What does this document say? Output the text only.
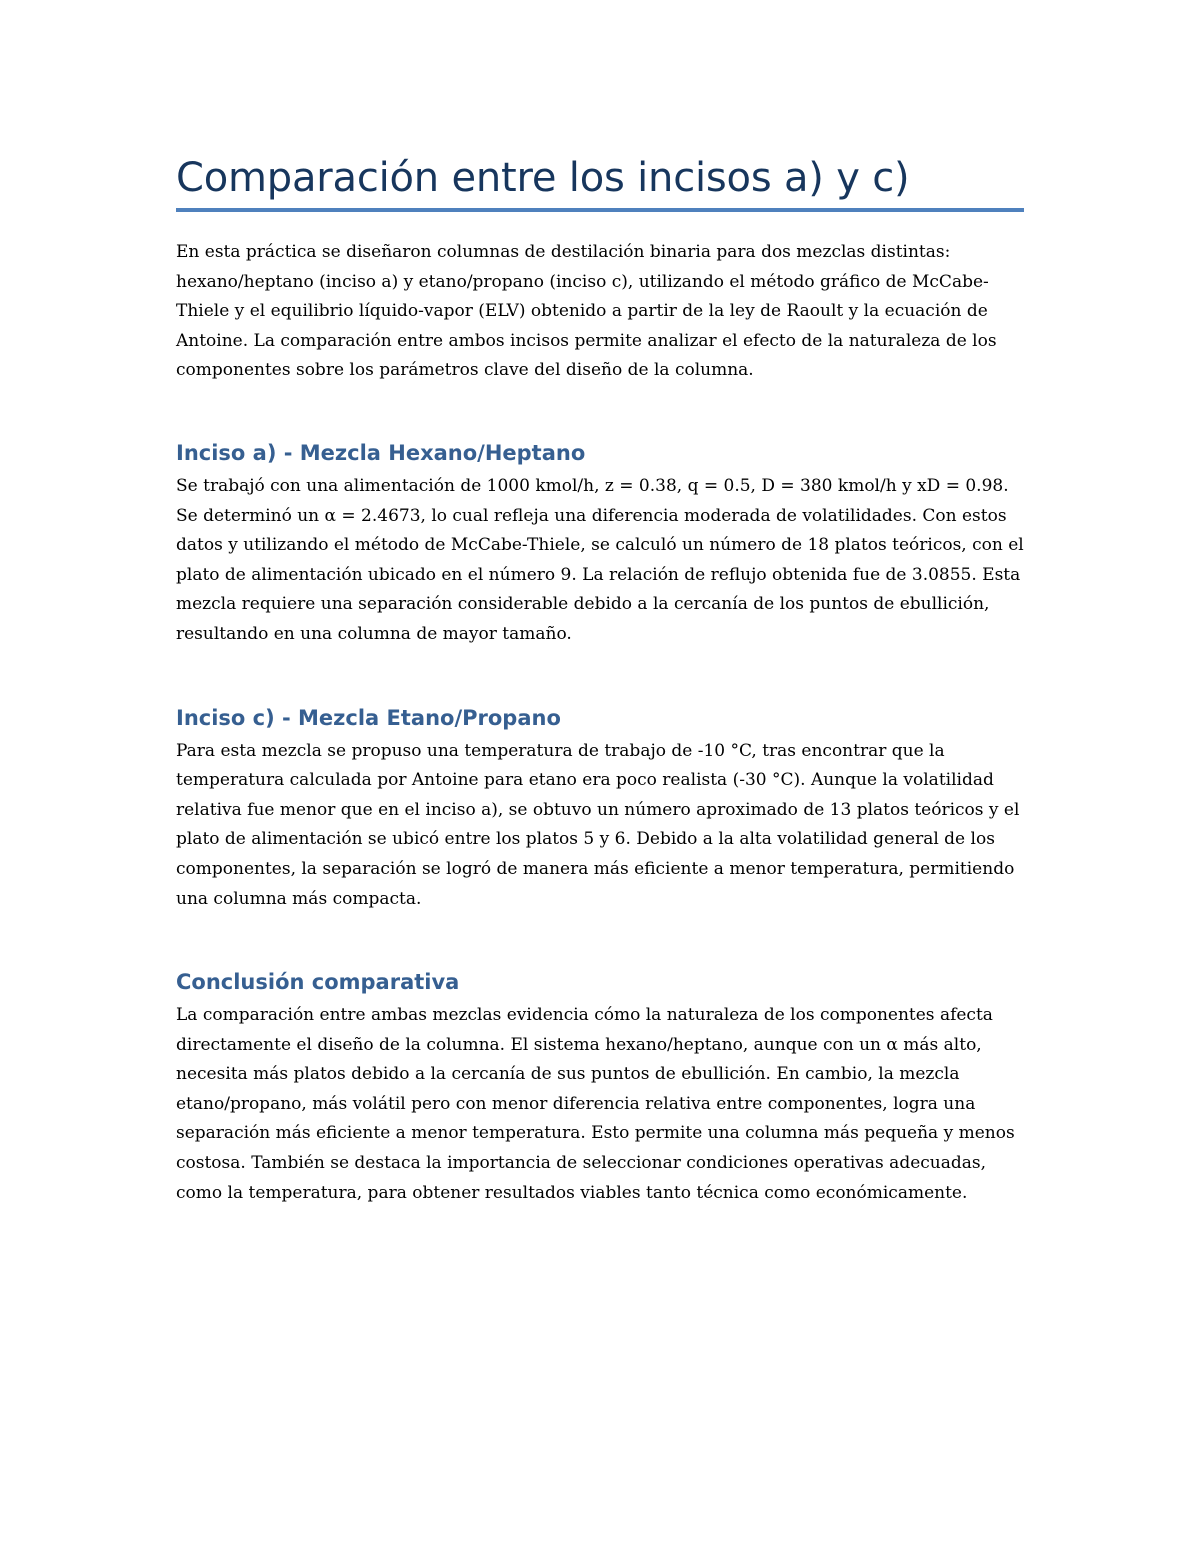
Comparación entre los incisos a) y c)

En esta práctica se diseñaron columnas de destilación binaria para dos mezclas distintas: hexano/heptano (inciso a) y etano/propano (inciso c), utilizando el método gráfico de McCabe-Thiele y el equilibrio líquido-vapor (ELV) obtenido a partir de la ley de Raoult y la ecuación de Antoine. La comparación entre ambos incisos permite analizar el efecto de la naturaleza de los componentes sobre los parámetros clave del diseño de la columna.

Inciso a) - Mezcla Hexano/Heptano

Se trabajó con una alimentación de 1000 kmol/h, z = 0.38, q = 0.5, D = 380 kmol/h y xD = 0.98. Se determinó un α = 2.4673, lo cual refleja una diferencia moderada de volatilidades. Con estos datos y utilizando el método de McCabe-Thiele, se calculó un número de 18 platos teóricos, con el plato de alimentación ubicado en el número 9. La relación de reflujo obtenida fue de 3.0855. Esta mezcla requiere una separación considerable debido a la cercanía de los puntos de ebullición, resultando en una columna de mayor tamaño.

Inciso c) - Mezcla Etano/Propano

Para esta mezcla se propuso una temperatura de trabajo de -10 °C, tras encontrar que la temperatura calculada por Antoine para etano era poco realista (-30 °C). Aunque la volatilidad relativa fue menor que en el inciso a), se obtuvo un número aproximado de 13 platos teóricos y el plato de alimentación se ubicó entre los platos 5 y 6. Debido a la alta volatilidad general de los componentes, la separación se logró de manera más eficiente a menor temperatura, permitiendo una columna más compacta.

Conclusión comparativa

La comparación entre ambas mezclas evidencia cómo la naturaleza de los componentes afecta directamente el diseño de la columna. El sistema hexano/heptano, aunque con un α más alto, necesita más platos debido a la cercanía de sus puntos de ebullición. En cambio, la mezcla etano/propano, más volátil pero con menor diferencia relativa entre componentes, logra una separación más eficiente a menor temperatura. Esto permite una columna más pequeña y menos costosa. También se destaca la importancia de seleccionar condiciones operativas adecuadas, como la temperatura, para obtener resultados viables tanto técnica como económicamente.
